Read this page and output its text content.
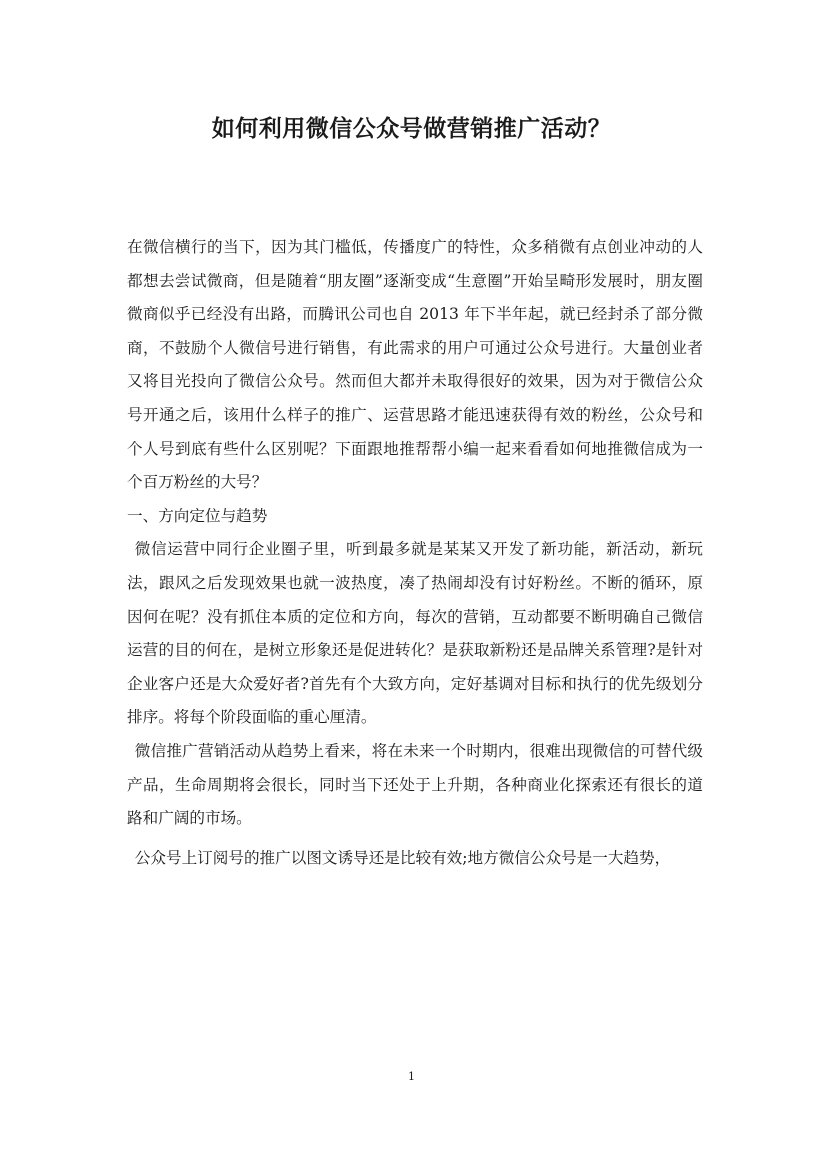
如何利用微信公众号做营销推广活动？

在微信横行的当下，因为其门槛低，传播度广的特性，众多稍微有点创业冲动的人都想去尝试微商，但是随着“朋友圈”逐渐变成“生意圈”开始呈畸形发展时，朋友圈微商似乎已经没有出路，而腾讯公司也自 2013 年下半年起，就已经封杀了部分微商，不鼓励个人微信号进行销售，有此需求的用户可通过公众号进行。大量创业者又将目光投向了微信公众号。然而但大都并未取得很好的效果，因为对于微信公众号开通之后，该用什么样子的推广、运营思路才能迅速获得有效的粉丝，公众号和个人号到底有些什么区别呢？下面跟地推帮帮小编一起来看看如何地推微信成为一个百万粉丝的大号？

一、方向定位与趋势

微信运营中同行企业圈子里，听到最多就是某某又开发了新功能，新活动，新玩法，跟风之后发现效果也就一波热度，凑了热闹却没有讨好粉丝。不断的循环，原因何在呢？没有抓住本质的定位和方向，每次的营销，互动都要不断明确自己微信运营的目的何在，是树立形象还是促进转化？是获取新粉还是品牌关系管理?是针对企业客户还是大众爱好者?首先有个大致方向，定好基调对目标和执行的优先级划分排序。将每个阶段面临的重心厘清。

微信推广营销活动从趋势上看来，将在未来一个时期内，很难出现微信的可替代级产品，生命周期将会很长，同时当下还处于上升期，各种商业化探索还有很长的道路和广阔的市场。

公众号上订阅号的推广以图文诱导还是比较有效;地方微信公众号是一大趋势，

1
